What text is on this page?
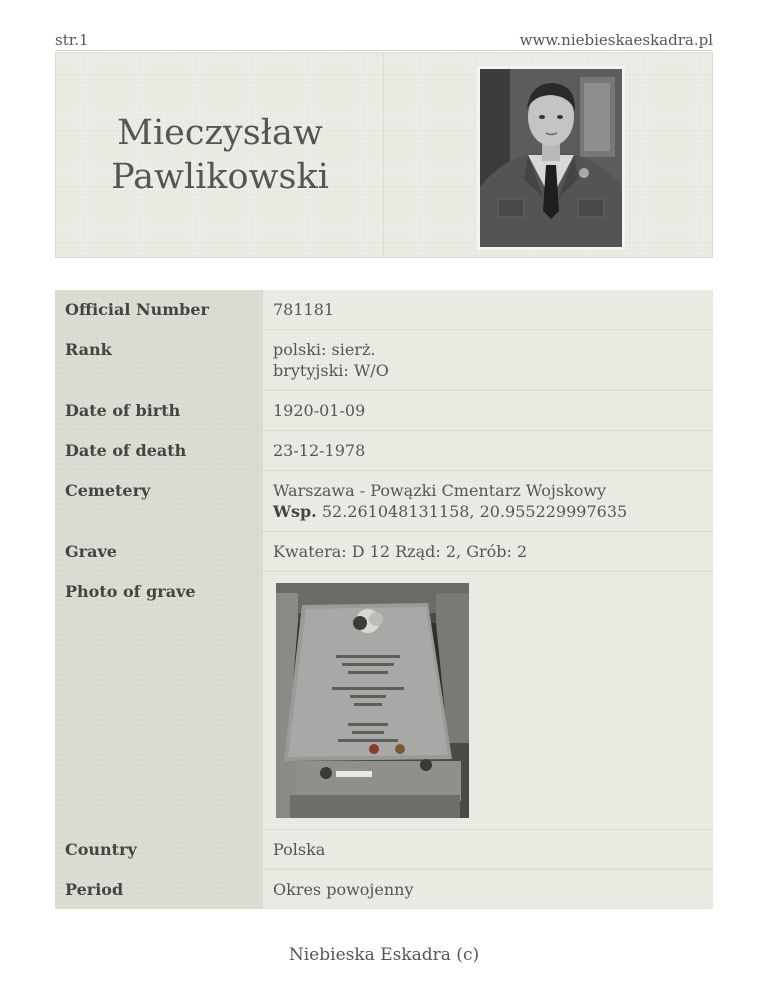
str.1	www.niebieskaeskadra.pl
Mieczysław
Pawlikowski
Official Number	781181
Rank	polski: sierż.
brytyjski: W/O

Date of birth	1920-01-09
Date of death	23-12-1978
Cemetery	Warszawa - Powązki Cmentarz Wojskowy
Wsp. 52.261048131158, 20.955229997635

Grave	Kwatera: D 12 Rząd: 2, Grób: 2
Photo of grave	

Country	Polska
Period	Okres powojenny
Niebieska Eskadra (c)
